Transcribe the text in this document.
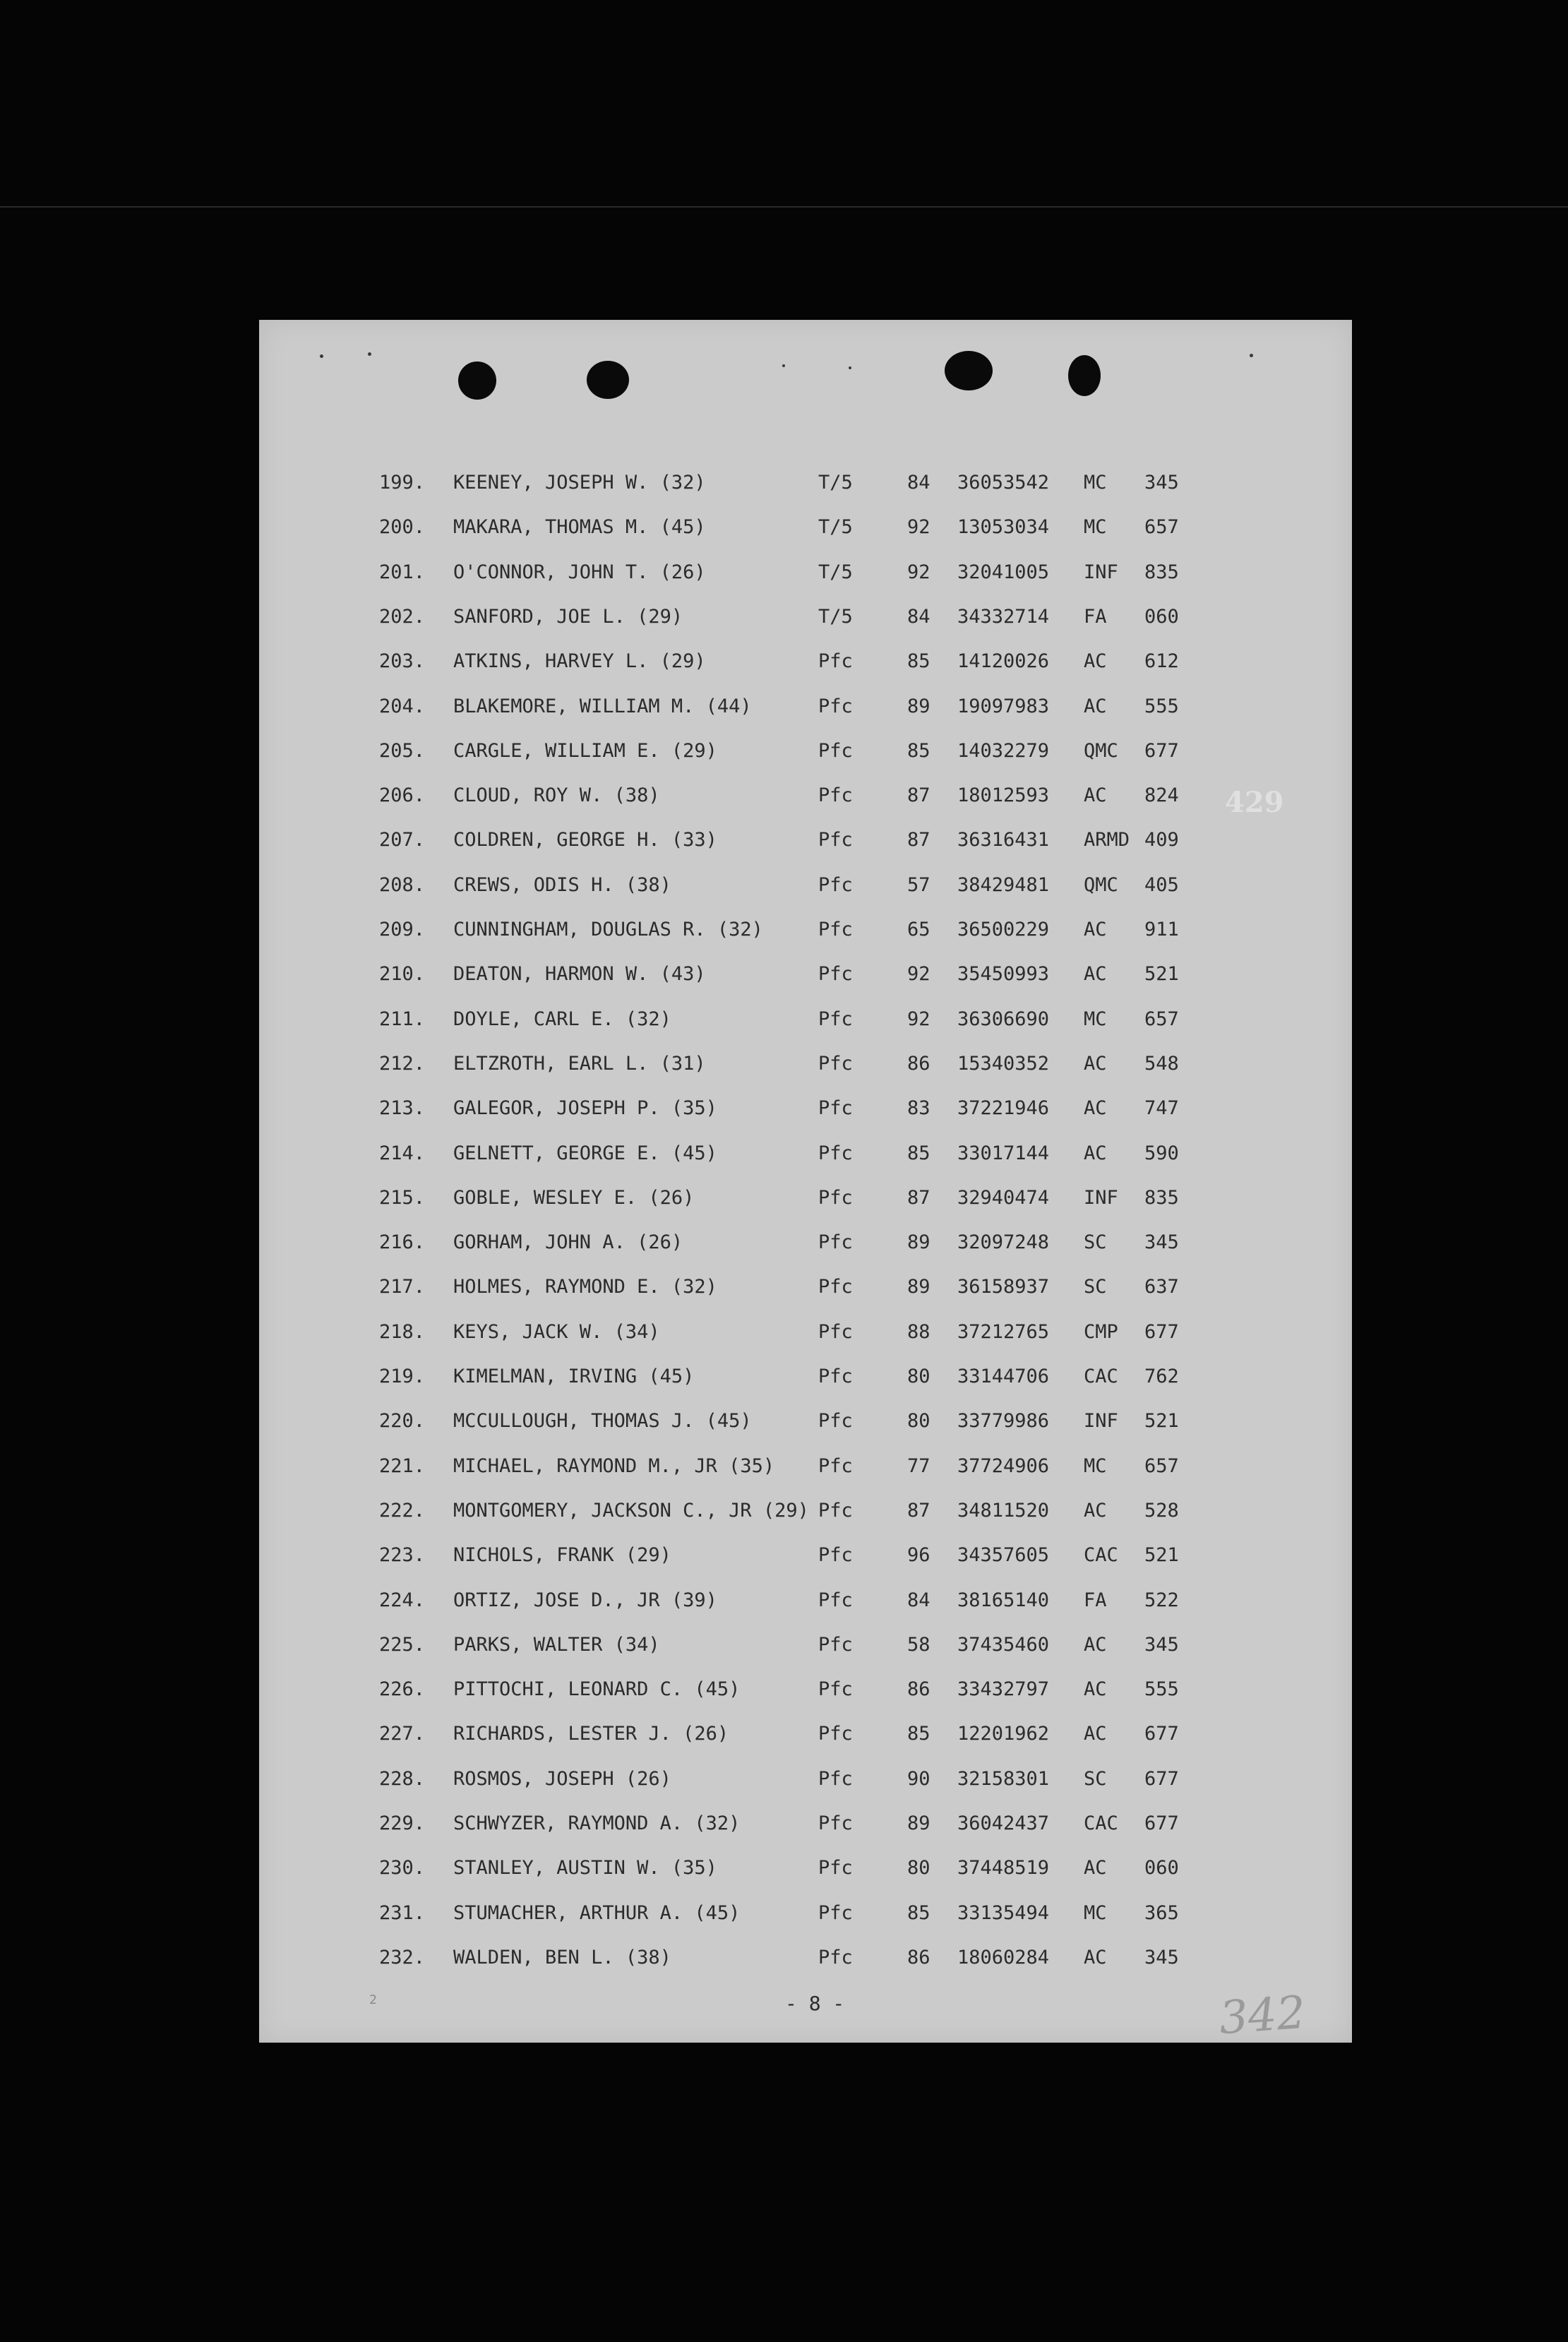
199. KEENEY, JOSEPH W. (32)	T/5	84 36053542 MC 345
200. MAKARA, THOMAS M. (45)	T/5	92 13053034 MC 657
201. O'CONNOR, JOHN T. (26)	T/5	92 32041005 INF 835
202. SANFORD, JOE L. (29)	T/5	84 34332714 FA 060
203. ATKINS, HARVEY L. (29)	Pfc	85 14120026 AC 612
204. BLAKEMORE, WILLIAM M. (44)	Pfc	89 19097983 AC 555
205. CARGLE, WILLIAM E. (29)	Pfc	85 14032279 QMC 677
206. CLOUD, ROY W. (38)	Pfc	87 18012593 AC 824
207. COLDREN, GEORGE H. (33)	Pfc	87 36316431 ARMD 409
208. CREWS, ODIS H. (38)	Pfc	57 38429481 QMC 405
209. CUNNINGHAM, DOUGLAS R. (32)	Pfc	65 36500229 AC 911
210. DEATON, HARMON W. (43)	Pfc	92 35450993 AC 521
211. DOYLE, CARL E. (32)	Pfc	92 36306690 MC 657
212. ELTZROTH, EARL L. (31)	Pfc	86 15340352 AC 548
213. GALEGOR, JOSEPH P. (35)	Pfc	83 37221946 AC 747
214. GELNETT, GEORGE E. (45)	Pfc	85 33017144 AC 590
215. GOBLE, WESLEY E. (26)	Pfc	87 32940474 INF 835
216. GORHAM, JOHN A. (26)	Pfc	89 32097248 SC 345
217. HOLMES, RAYMOND E. (32)	Pfc	89 36158937 SC 637
218. KEYS, JACK W. (34)	Pfc	88 37212765 CMP 677
219. KIMELMAN, IRVING (45)	Pfc	80 33144706 CAC 762
220. MCCULLOUGH, THOMAS J. (45)	Pfc	80 33779986 INF 521
221. MICHAEL, RAYMOND M., JR (35) Pfc	77 37724906 MC 657
222. MONTGOMERY, JACKSON C., JR (29) Pfc	87 34811520 AC 528
223. NICHOLS, FRANK (29)	Pfc	96 34357605 CAC 521
224. ORTIZ, JOSE D., JR (39)	Pfc	84 38165140 FA 522
225. PARKS, WALTER (34)	Pfc	58 37435460 AC 345
226. PITTOCHI, LEONARD C. (45)	Pfc	86 33432797 AC 555
227. RICHARDS, LESTER J. (26)	Pfc	85 12201962 AC 677
228. ROSMOS, JOSEPH (26)	Pfc	90 32158301 SC 677
229. SCHWYZER, RAYMOND A. (32)	Pfc	89 36042437 CAC 677
230. STANLEY, AUSTIN W. (35)	Pfc	80 37448519 AC 060
231. STUMACHER, ARTHUR A. (45)	Pfc	85 33135494 MC 365
232. WALDEN, BEN L. (38)	Pfc	86 18060284 AC 345
2	- 8 -
429
342
